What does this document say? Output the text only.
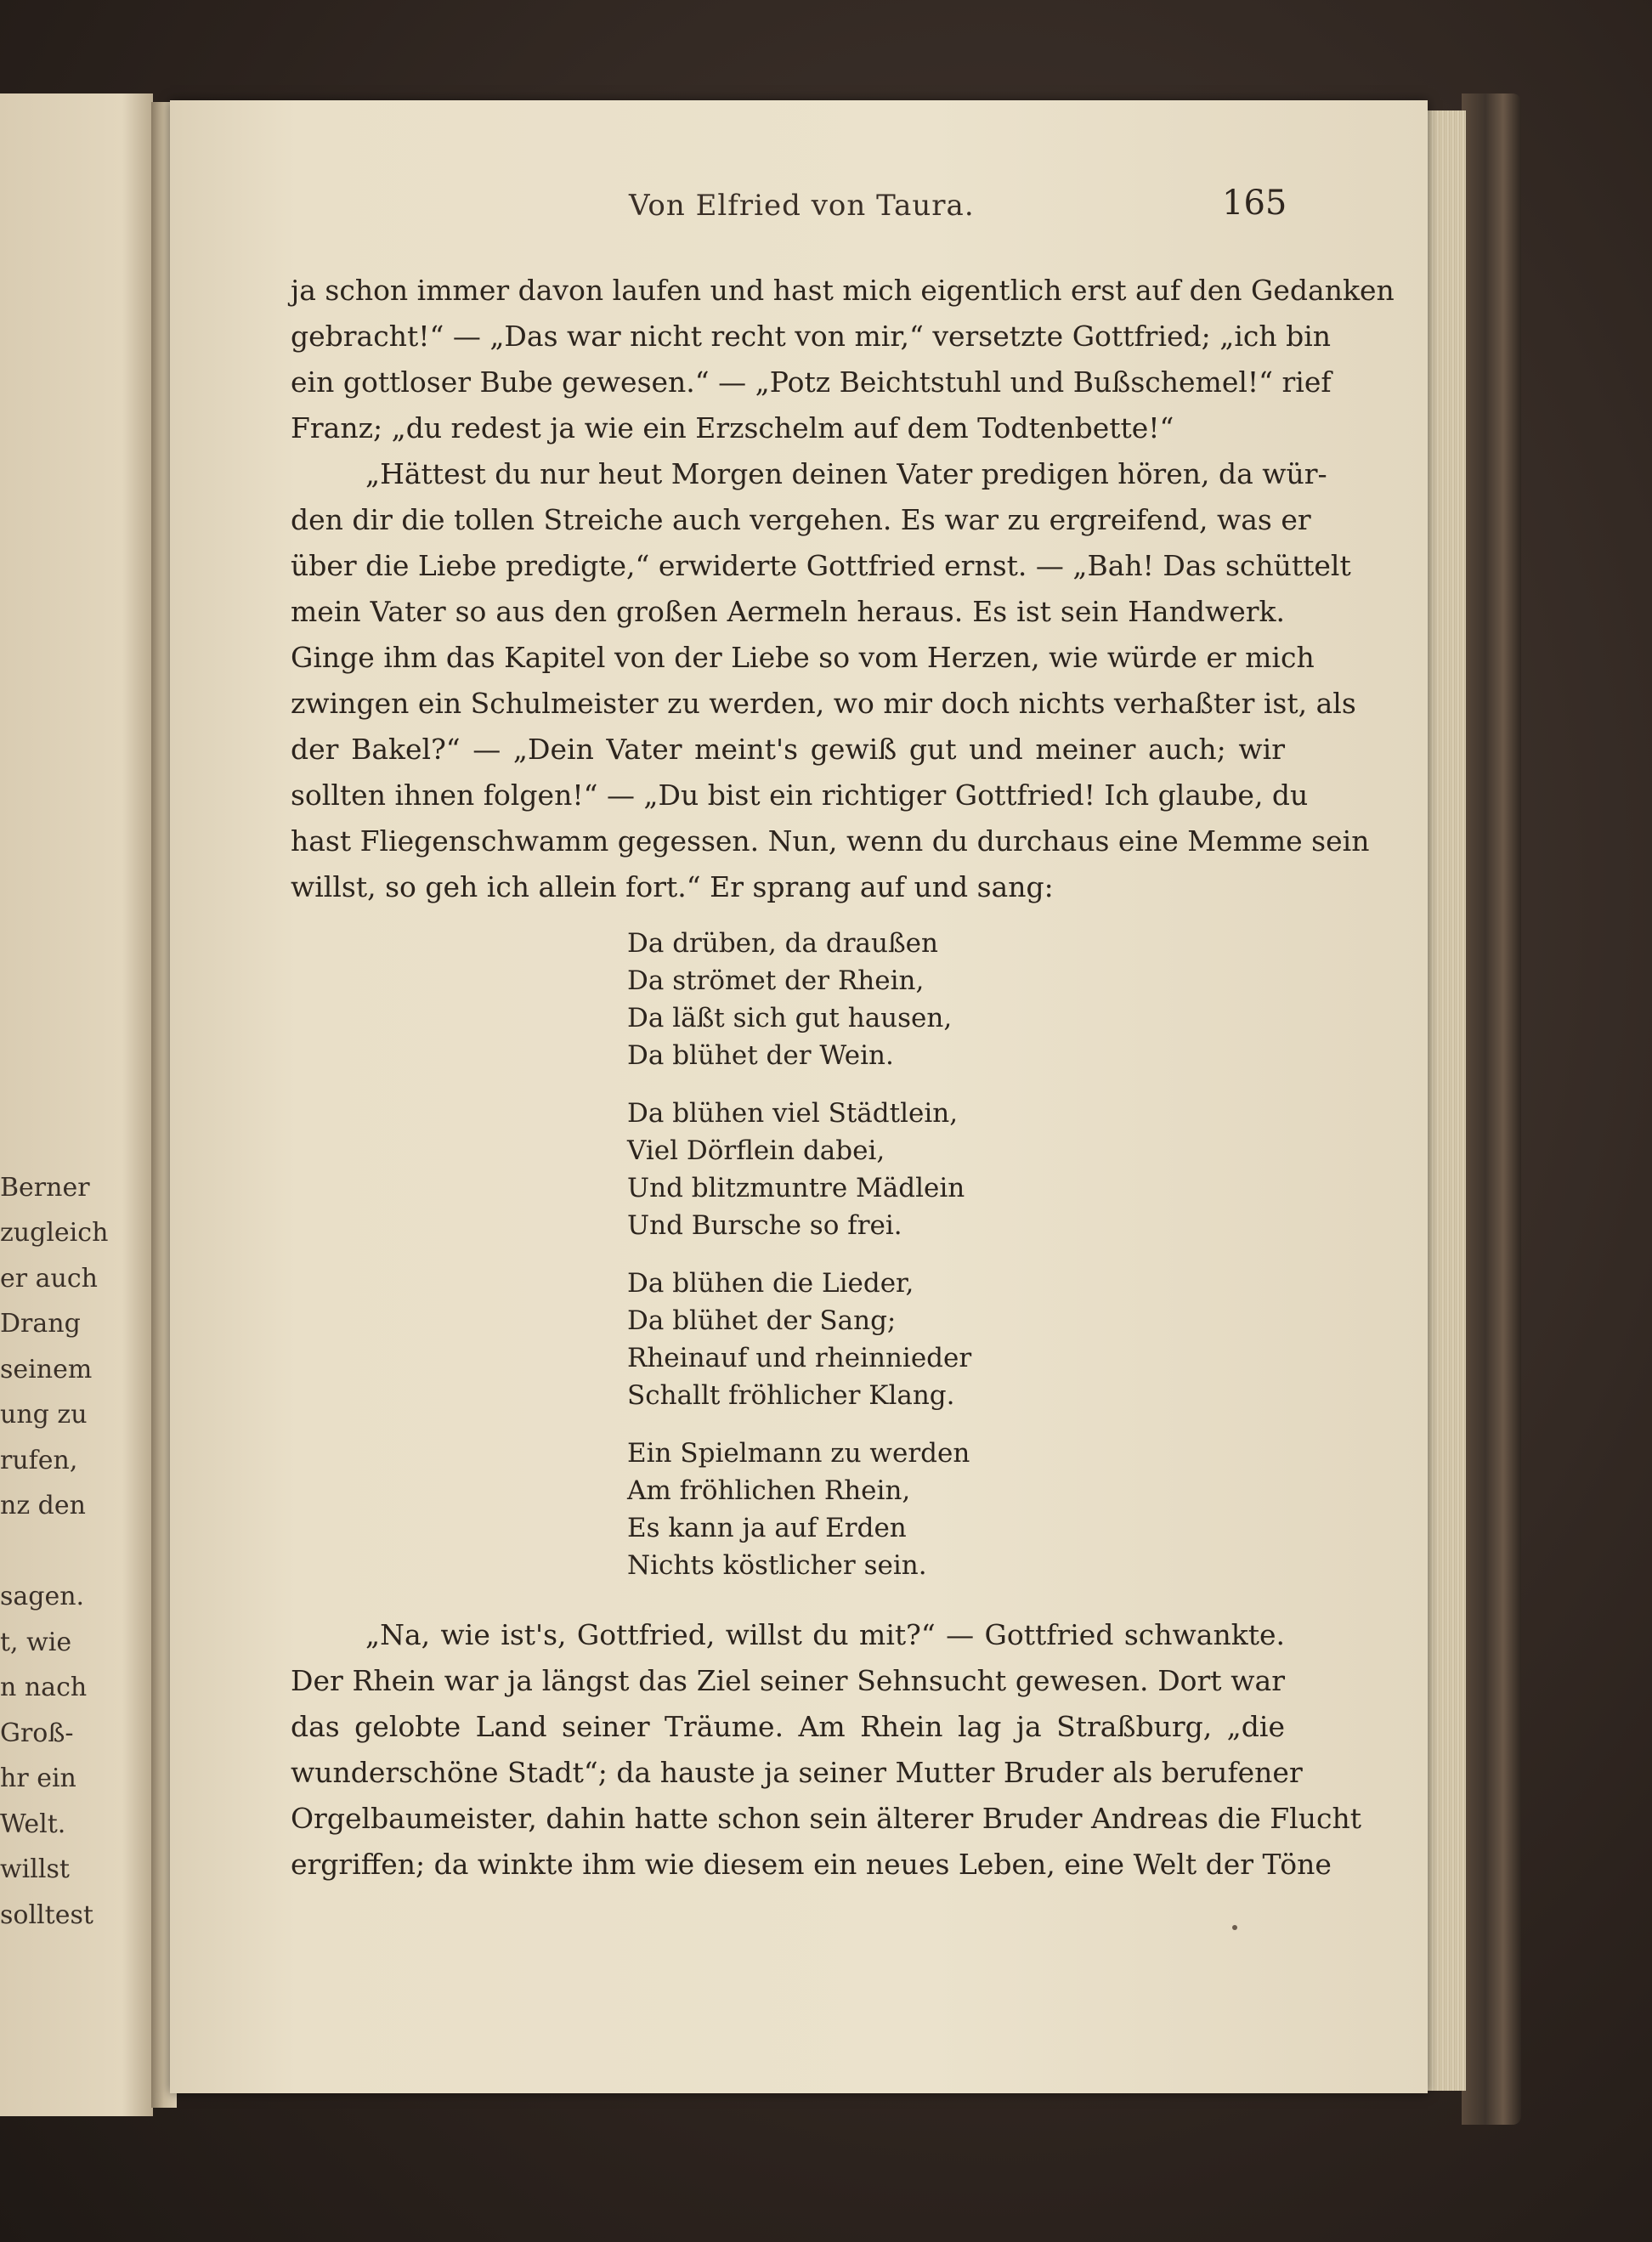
Berner
zugleich
er auch
Drang
seinem
ung zu
rufen,
nz den
sagen.
t, wie
n nach
Groß-
hr ein
Welt.
willst
solltest
Von Elfried von Taura.	165
ja schon immer davon laufen und hast mich eigentlich erst auf den Gedanken
gebracht!“ — „Das war nicht recht von mir,“ versetzte Gottfried; „ich bin
ein gottloser Bube gewesen.“ — „Potz Beichtstuhl und Bußschemel!“ rief
Franz; „du redest ja wie ein Erzschelm auf dem Todtenbette!“
„Hättest du nur heut Morgen deinen Vater predigen hören, da wür-
den dir die tollen Streiche auch vergehen. Es war zu ergreifend, was er
über die Liebe predigte,“ erwiderte Gottfried ernst. — „Bah! Das schüttelt
mein Vater so aus den großen Aermeln heraus. Es ist sein Handwerk.
Ginge ihm das Kapitel von der Liebe so vom Herzen, wie würde er mich
zwingen ein Schulmeister zu werden, wo mir doch nichts verhaßter ist, als
der Bakel?“ — „Dein Vater meint's gewiß gut und meiner auch; wir
sollten ihnen folgen!“ — „Du bist ein richtiger Gottfried! Ich glaube, du
hast Fliegenschwamm gegessen. Nun, wenn du durchaus eine Memme sein
willst, so geh ich allein fort.“ Er sprang auf und sang:
Da drüben, da draußen
Da strömet der Rhein,
Da läßt sich gut hausen,
Da blühet der Wein.
Da blühen viel Städtlein,
Viel Dörflein dabei,
Und blitzmuntre Mädlein
Und Bursche so frei.
Da blühen die Lieder,
Da blühet der Sang;
Rheinauf und rheinnieder
Schallt fröhlicher Klang.
Ein Spielmann zu werden
Am fröhlichen Rhein,
Es kann ja auf Erden
Nichts köstlicher sein.
„Na, wie ist's, Gottfried, willst du mit?“ — Gottfried schwankte.
Der Rhein war ja längst das Ziel seiner Sehnsucht gewesen. Dort war
das gelobte Land seiner Träume. Am Rhein lag ja Straßburg, „die
wunderschöne Stadt“; da hauste ja seiner Mutter Bruder als berufener
Orgelbaumeister, dahin hatte schon sein älterer Bruder Andreas die Flucht
ergriffen; da winkte ihm wie diesem ein neues Leben, eine Welt der Töne
